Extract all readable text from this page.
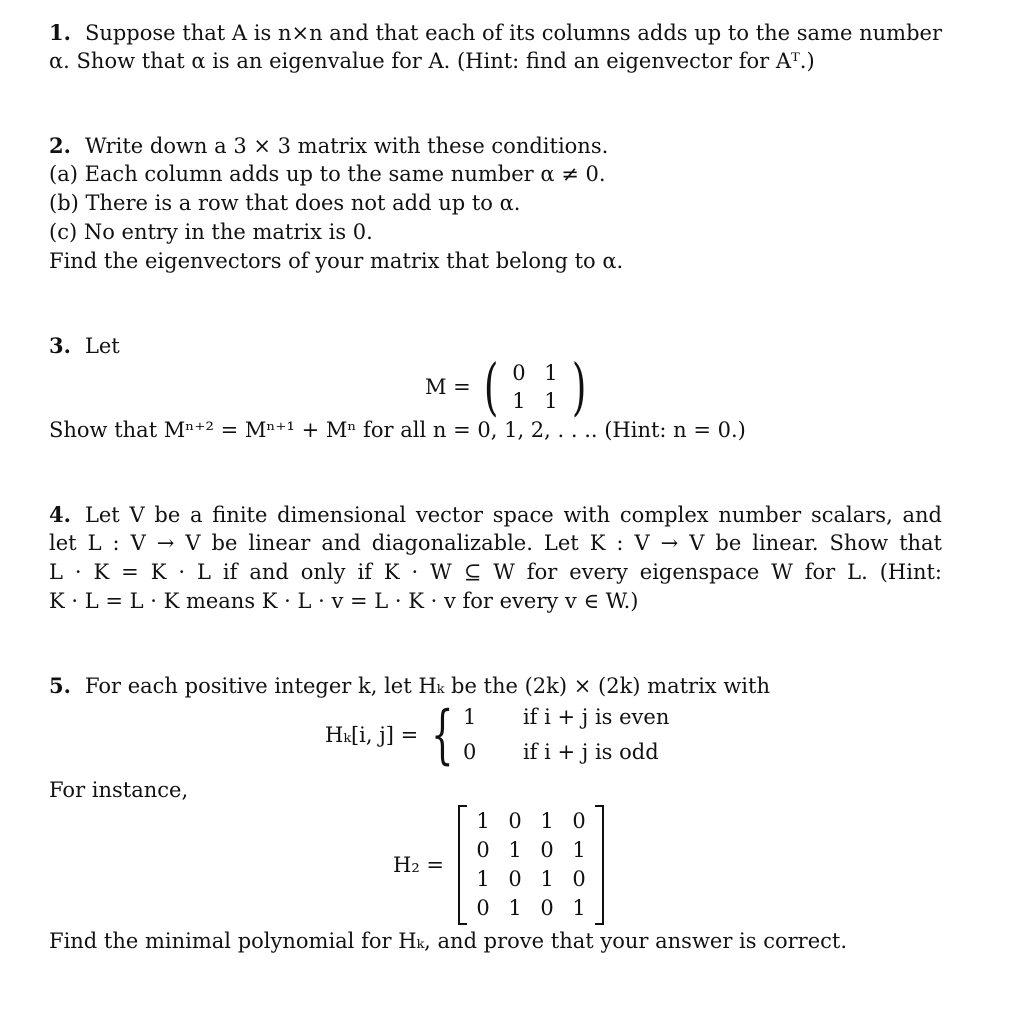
1. Suppose that A is n×n and that each of its columns adds up to the same number
α. Show that α is an eigenvalue for A. (Hint: find an eigenvector for Aᵀ.)
2. Write down a 3 × 3 matrix with these conditions.
(a) Each column adds up to the same number α ≠ 0.
(b) There is a row that does not add up to α.
(c) No entry in the matrix is 0.
Find the eigenvectors of your matrix that belong to α.
3. Let
M = ( 0 1
1 1 )
Show that Mⁿ⁺² = Mⁿ⁺¹ + Mⁿ for all n = 0, 1, 2, . . .. (Hint: n = 0.)
4. Let V be a finite dimensional vector space with complex number scalars, and
let L : V → V be linear and diagonalizable. Let K : V → V be linear. Show that
L · K = K · L if and only if K · W ⊆ W for every eigenspace W for L. (Hint:
K · L = L · K means K · L · v = L · K · v for every v ∈ W.)
5. For each positive integer k, let Hₖ be the (2k) × (2k) matrix with
Hₖ[i, j] = { 1	if i + j is even
0	if i + j is odd
For instance,
H₂ =
1 0 1 0
0 1 0 1
1 0 1 0
0 1 0 1
Find the minimal polynomial for Hₖ, and prove that your answer is correct.
